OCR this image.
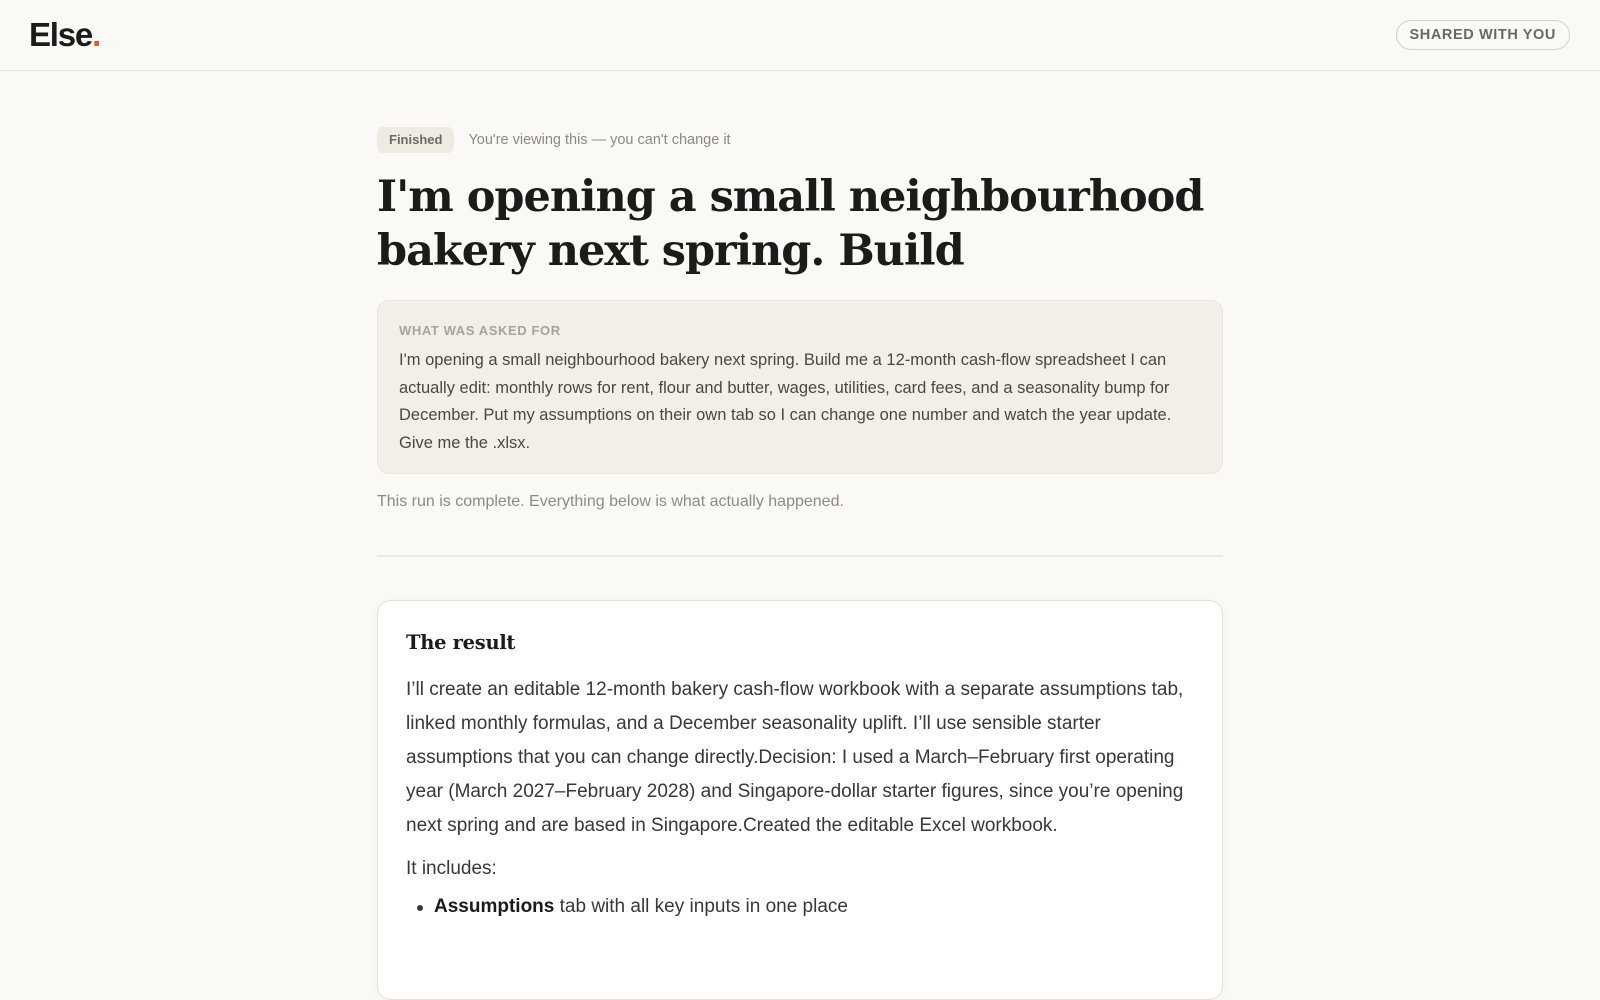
Else.	SHARED WITH YOU
Finished	You're viewing this — you can't change it
I'm opening a small neighbourhood bakery next spring. Build
WHAT WAS ASKED FOR
I'm opening a small neighbourhood bakery next spring. Build me a 12-month cash-flow spreadsheet I can actually edit: monthly rows for rent, flour and butter, wages, utilities, card fees, and a seasonality bump for December. Put my assumptions on their own tab so I can change one number and watch the year update. Give me the .xlsx.
This run is complete. Everything below is what actually happened.
The result
I’ll create an editable 12-month bakery cash-flow workbook with a separate assumptions tab, linked monthly formulas, and a December seasonality uplift. I’ll use sensible starter assumptions that you can change directly.Decision: I used a March–February first operating year (March 2027–February 2028) and Singapore-dollar starter figures, since you’re opening next spring and are based in Singapore.Created the editable Excel workbook.
It includes:
Assumptions tab with all key inputs in one place
